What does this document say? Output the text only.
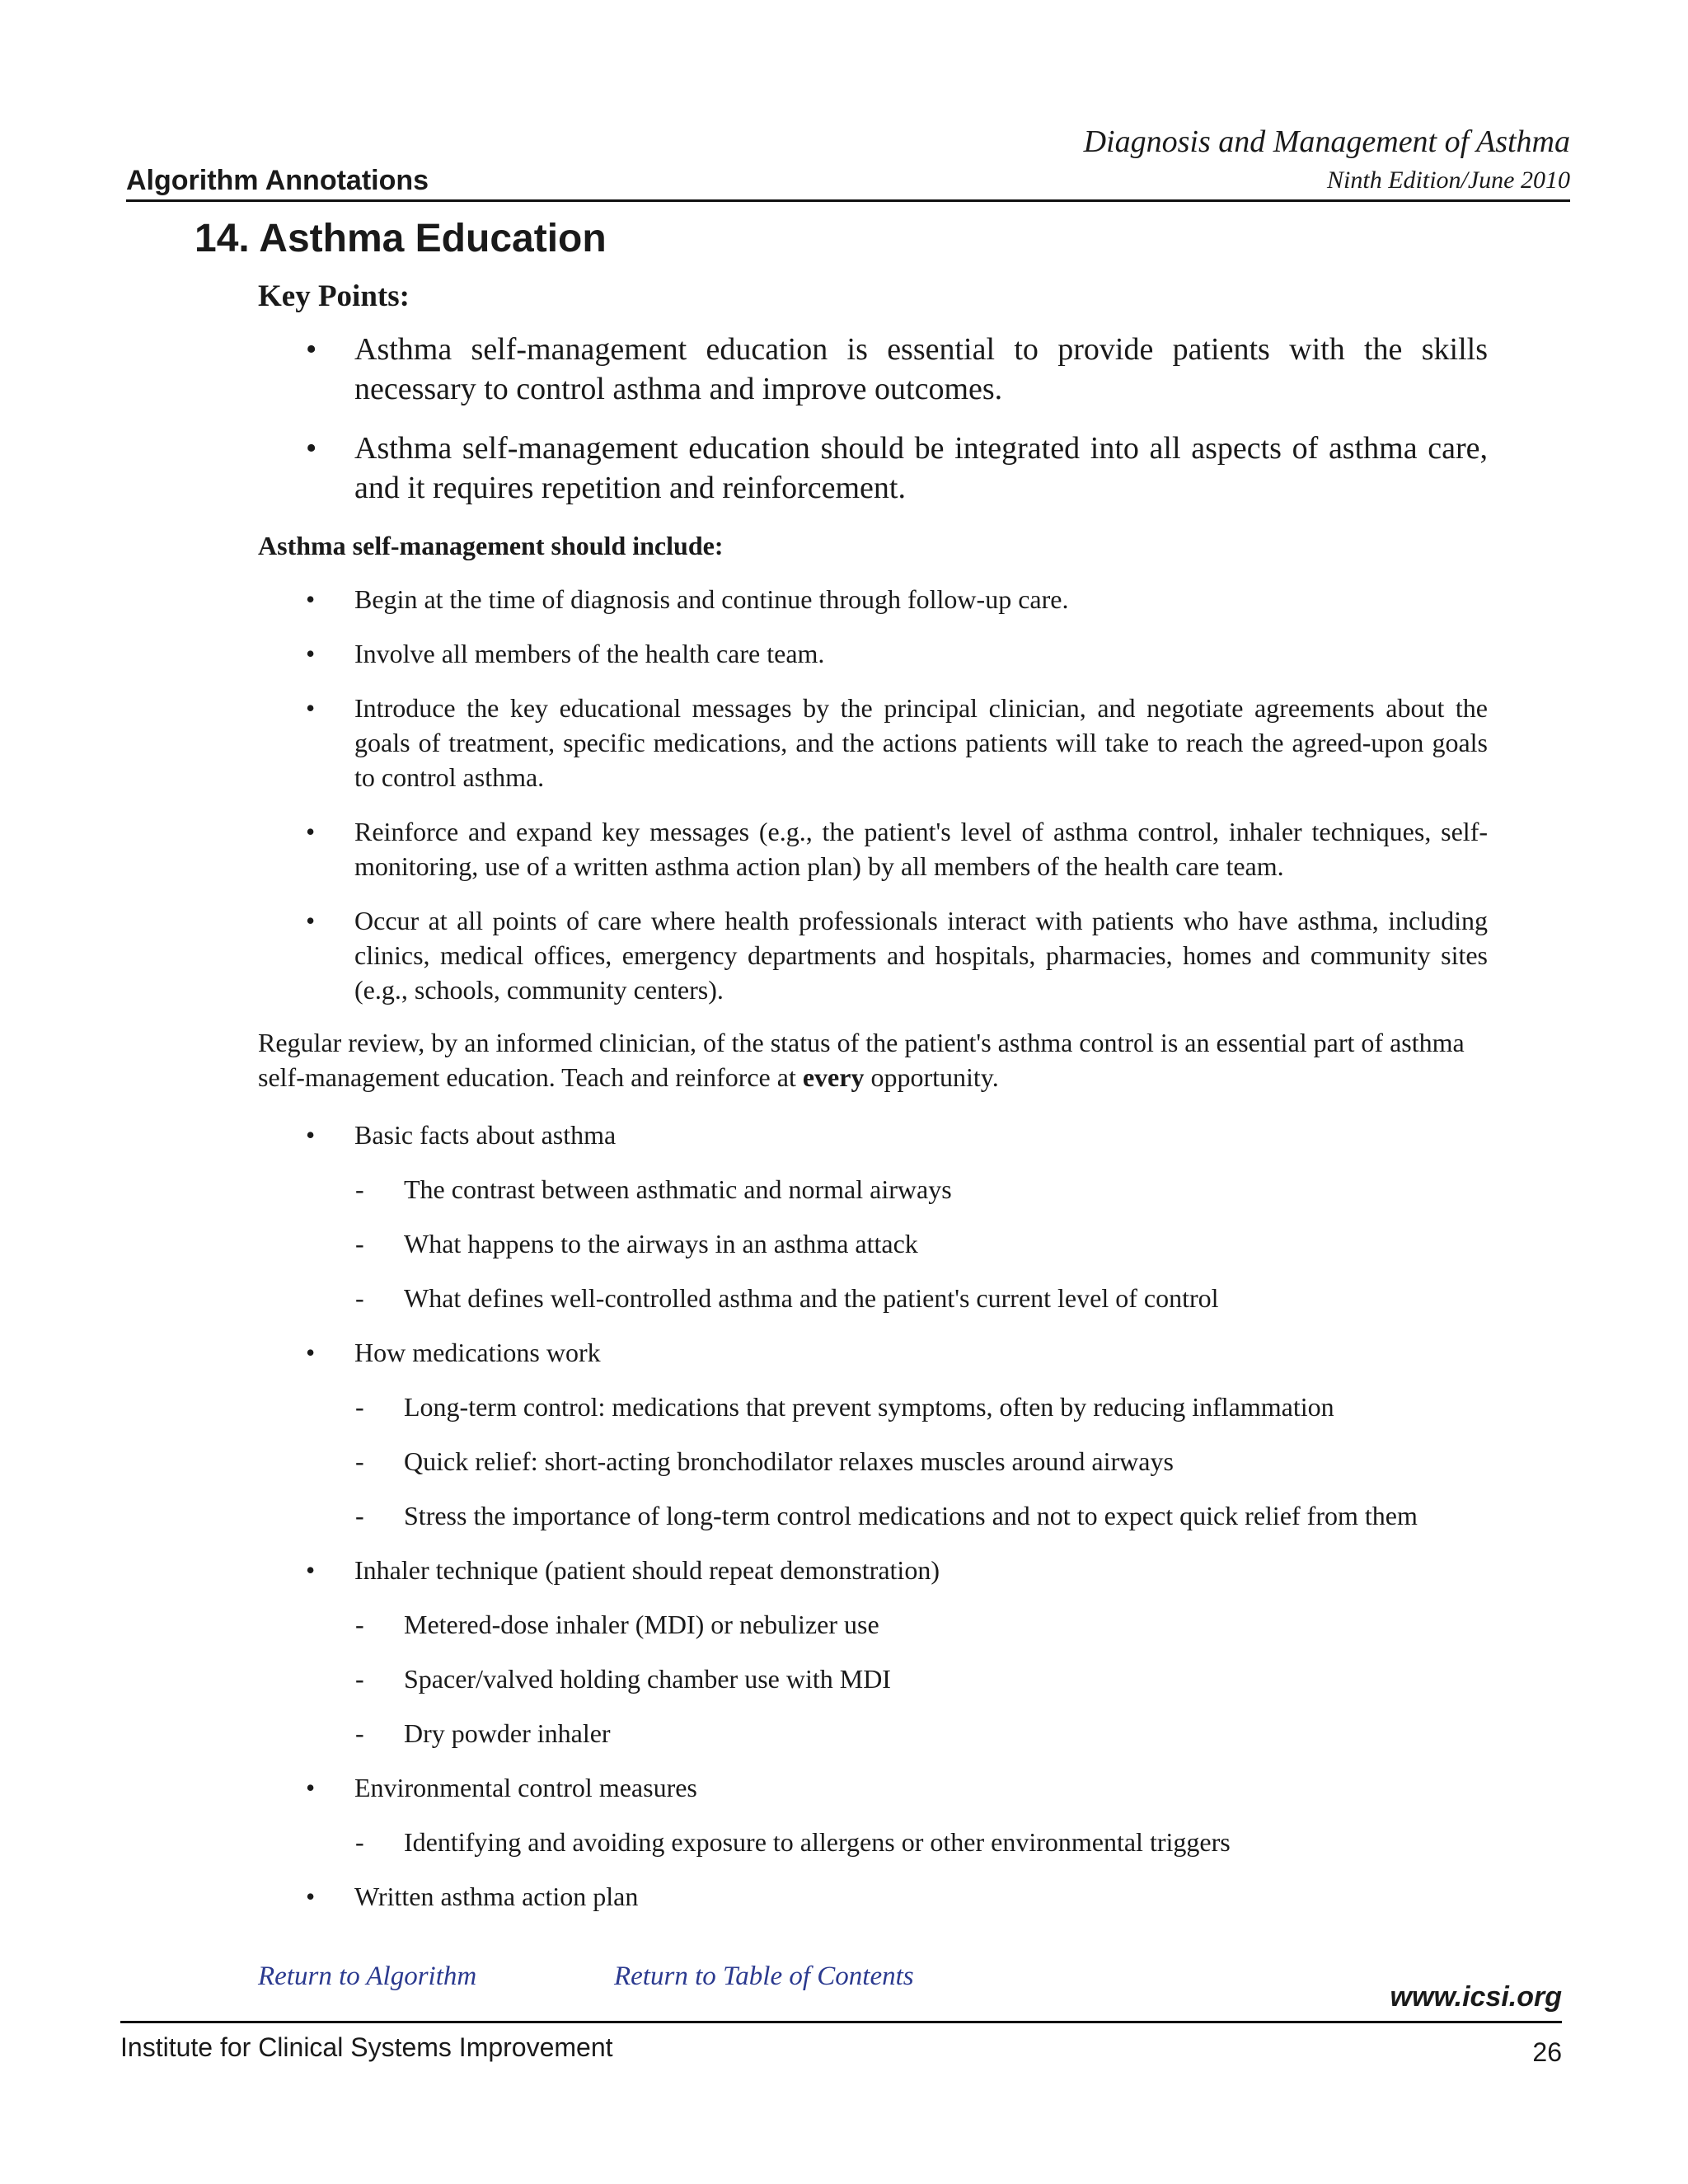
Diagnosis and Management of Asthma
Algorithm Annotations	Ninth Edition/June 2010
14. Asthma Education
Key Points:
• Asthma self-management education is essential to provide patients with the skills necessary to control asthma and improve outcomes.
• Asthma self-management education should be integrated into all aspects of asthma care, and it requires repetition and reinforcement.
Asthma self-management should include:
• Begin at the time of diagnosis and continue through follow-up care.
• Involve all members of the health care team.
• Introduce the key educational messages by the principal clinician, and negotiate agreements about the goals of treatment, specific medications, and the actions patients will take to reach the agreed-upon goals to control asthma.
• Reinforce and expand key messages (e.g., the patient's level of asthma control, inhaler techniques, self-monitoring, use of a written asthma action plan) by all members of the health care team.
• Occur at all points of care where health professionals interact with patients who have asthma, including clinics, medical offices, emergency departments and hospitals, pharmacies, homes and community sites (e.g., schools, community centers).
Regular review, by an informed clinician, of the status of the patient's asthma control is an essential part of asthma self-management education. Teach and reinforce at every opportunity.
• Basic facts about asthma
- The contrast between asthmatic and normal airways
- What happens to the airways in an asthma attack
- What defines well-controlled asthma and the patient's current level of control
• How medications work
- Long-term control: medications that prevent symptoms, often by reducing inflammation
- Quick relief: short-acting bronchodilator relaxes muscles around airways
- Stress the importance of long-term control medications and not to expect quick relief from them
• Inhaler technique (patient should repeat demonstration)
- Metered-dose inhaler (MDI) or nebulizer use
- Spacer/valved holding chamber use with MDI
- Dry powder inhaler
• Environmental control measures
- Identifying and avoiding exposure to allergens or other environmental triggers
• Written asthma action plan
Return to Algorithm	Return to Table of Contents
www.icsi.org
Institute for Clinical Systems Improvement	26
